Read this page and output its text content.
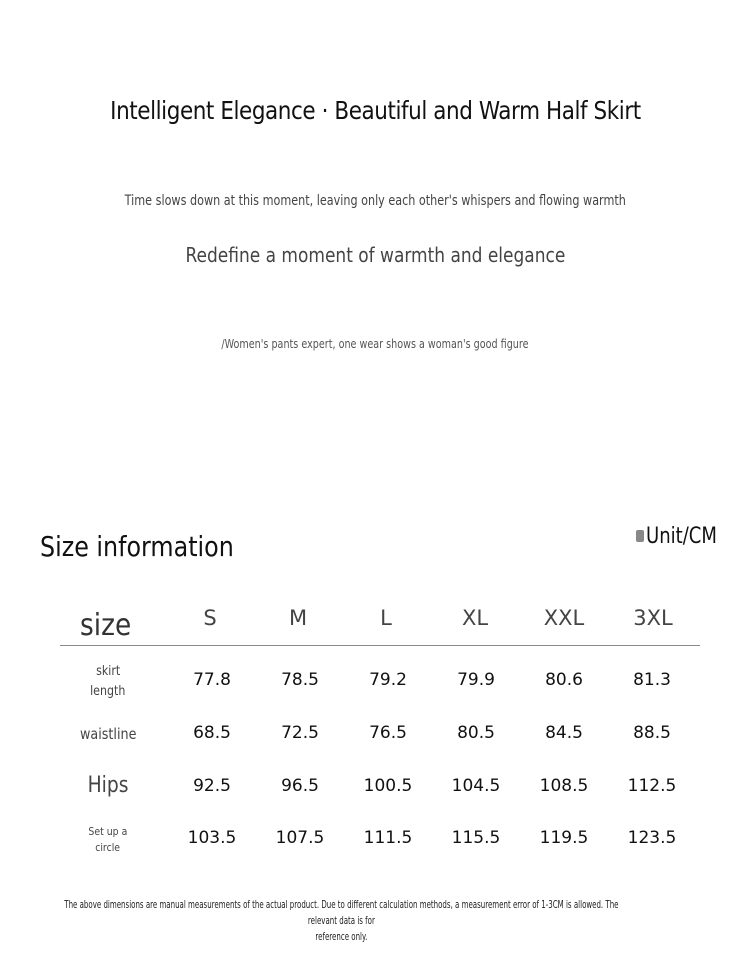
Intelligent Elegance · Beautiful and Warm Half Skirt
Time slows down at this moment, leaving only each other's whispers and flowing warmth
Redefine a moment of warmth and elegance
/Women's pants expert, one wear shows a woman's good figure
Size information	Unit/CM
size	S	M	L	XL	XXL	3XL
skirt
length
77.8	78.5	79.2	79.9	80.6	81.3
waistline	68.5	72.5	76.5	80.5	84.5	88.5
Hips	92.5	96.5	100.5	104.5	108.5	112.5
Set up a
circle	103.5	107.5	111.5	115.5	119.5	123.5
The above dimensions are manual measurements of the actual product. Due to different calculation methods, a measurement error of 1-3CM is allowed. The relevant data is for
reference only.
